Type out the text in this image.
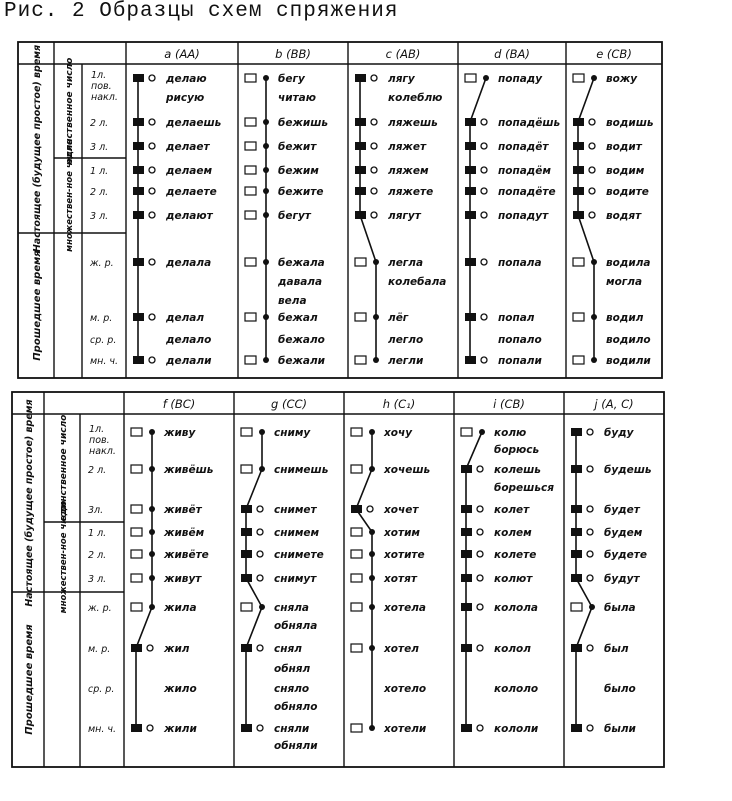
Рис. 2 Образцы схем спряжения
Настоящее (будущее простое) время
Прошедшее время
единственное число
множествен-ное число
1л.
пов.
накл.
2 л.
3 л.
1 л.
2 л.
3 л.
ж. р.
м. р.
ср. р.
мн. ч.
a (AA)
делаю
рисую
делаешь
делает
делаем
делаете
делают
делала
делал
делало
делали
b (BB)
бегу
читаю
бежишь
бежит
бежим
бежите
бегут
бежала
давала
вела
бежал
бежало
бежали
c (AB)
лягу
колеблю
ляжешь
ляжет
ляжем
ляжете
лягут
легла
колебала
лёг
легло
легли
d (BA)
попаду
попадёшь
попадёт
попадём
попадёте
попадут
попала
попал
попало
попали
e (CB)
вожу
водишь
водит
водим
водите
водят
водила
могла
водил
водило
водили
Настоящее (будущее простое) время
Прошедшее время
единственное число
множествен-ное число
1л.
пов.
накл.
2 л.
3л.
1 л.
2 л.
3 л.
ж. р.
м. р.
ср. р.
мн. ч.
f (BC)
живу
живёшь
живёт
живём
живёте
живут
жила
жил
жило
жили
g (CC)
сниму
снимешь
снимет
снимем
снимете
снимут
сняла
обняла
снял
обнял
сняло
обняло
сняли
обняли
h (C₁)
хочу
хочешь
хочет
хотим
хотите
хотят
хотела
хотел
хотело
хотели
i (CB)
колю
борюсь
колешь
борешься
колет
колем
колете
колют
колола
колол
кололо
кололи
j (A, C)
буду
будешь
будет
будем
будете
будут
была
был
было
были
